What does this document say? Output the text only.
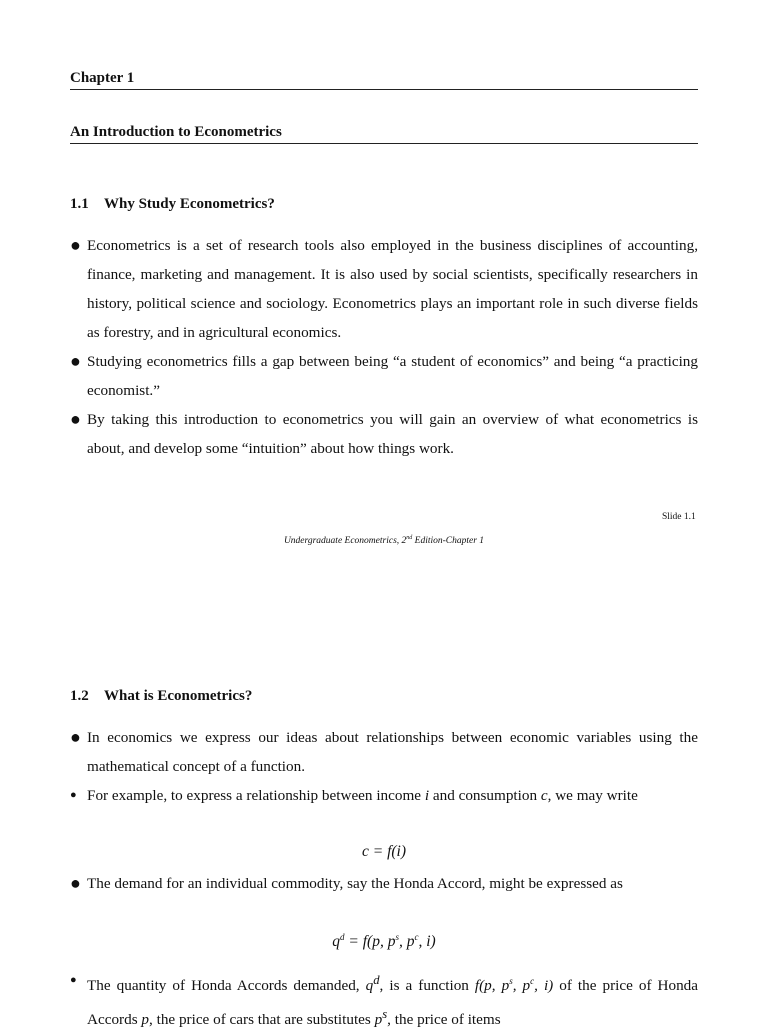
Chapter 1
An Introduction to Econometrics
1.1 Why Study Econometrics?
● Econometrics is a set of research tools also employed in the business disciplines of accounting, finance, marketing and management. It is also used by social scientists, specifically researchers in history, political science and sociology. Econometrics plays an important role in such diverse fields as forestry, and in agricultural economics.
● Studying econometrics fills a gap between being “a student of economics” and being “a practicing economist.”
● By taking this introduction to econometrics you will gain an overview of what econometrics is about, and develop some “intuition” about how things work.
Slide 1.1
Undergraduate Econometrics, 2nd Edition-Chapter 1
1.2 What is Econometrics?
● In economics we express our ideas about relationships between economic variables using the mathematical concept of a function.
● For example, to express a relationship between income i and consumption c, we may write
c = f(i)
● The demand for an individual commodity, say the Honda Accord, might be expressed as
$q^d = f(p$, $p^s$, $p^c$, i)
● The quantity of Honda Accords demanded, $q^d$, is a function f(p, $p^s$, $p^c$, i) of the price of Honda Accords p, the price of cars that are substitutes $p^s$, the price of items
